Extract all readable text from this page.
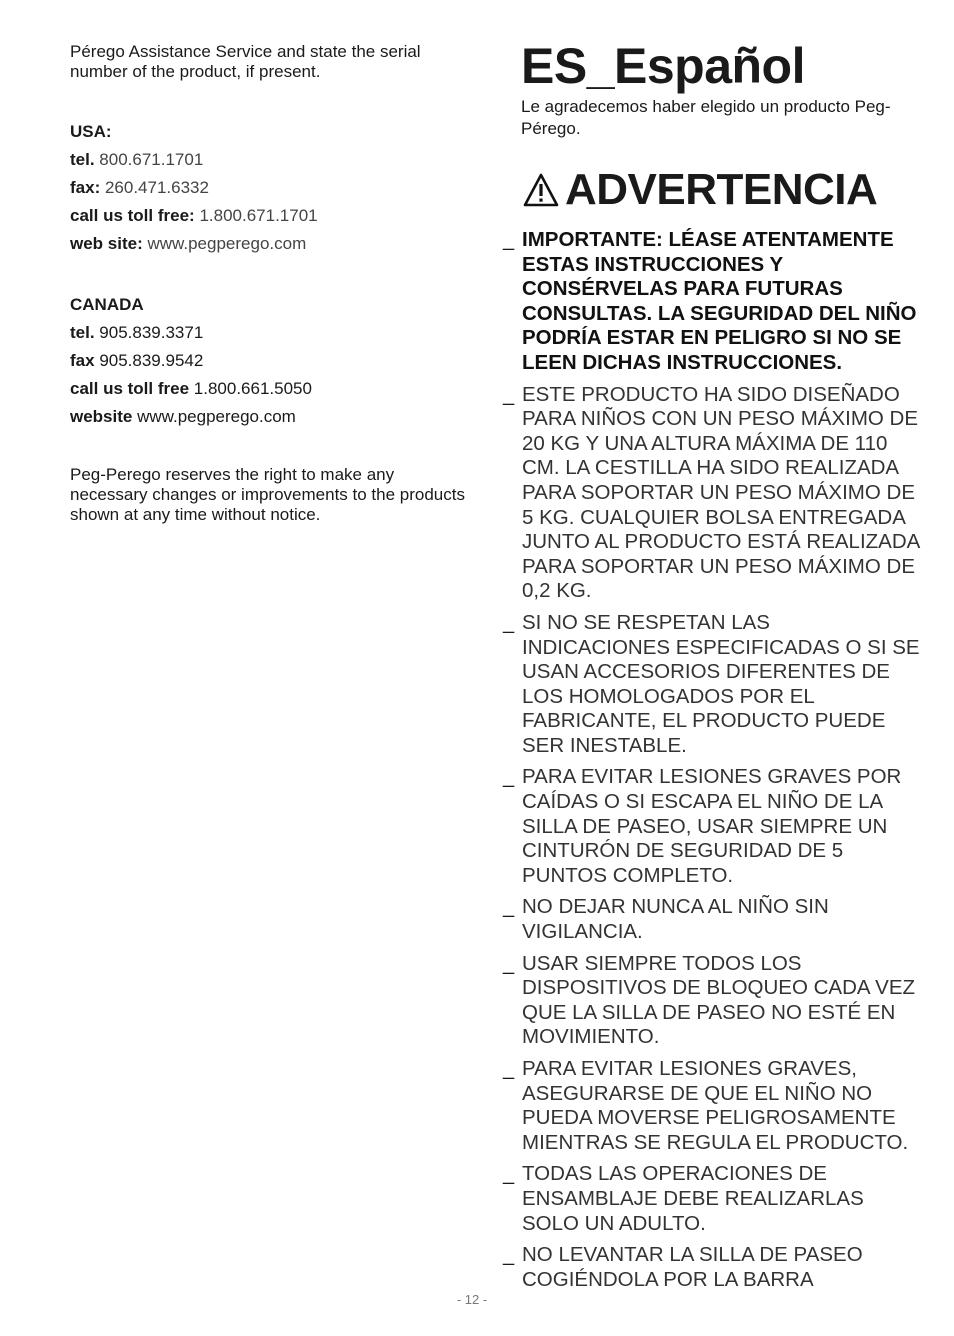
Pérego Assistance Service and state the serial number of the product, if present.

USA:

tel. 800.671.1701

fax: 260.471.6332

call us toll free: 1.800.671.1701

web site: www.pegperego.com

CANADA

tel. 905.839.3371

fax 905.839.9542

call us toll free 1.800.661.5050

website www.pegperego.com

Peg-Perego reserves the right to make any necessary changes or improvements to the products shown at any time without notice.

ES_Español

Le agradecemos haber elegido un producto Peg-Pérego.

ADVERTENCIA
_ IMPORTANTE: LÉASE ATENTAMENTE ESTAS INSTRUCCIONES Y CONSÉRVELAS PARA FUTURAS CONSULTAS. LA SEGURIDAD DEL NIÑO PODRÍA ESTAR EN PELIGRO SI NO SE LEEN DICHAS INSTRUCCIONES.
_ ESTE PRODUCTO HA SIDO DISEÑADO PARA NIÑOS CON UN PESO MÁXIMO DE 20 KG Y UNA ALTURA MÁXIMA DE 110 CM. LA CESTILLA HA SIDO REALIZADA PARA SOPORTAR UN PESO MÁXIMO DE 5 KG. CUALQUIER BOLSA ENTREGADA JUNTO AL PRODUCTO ESTÁ REALIZADA PARA SOPORTAR UN PESO MÁXIMO DE 0,2 KG.
_ SI NO SE RESPETAN LAS INDICACIONES ESPECIFICADAS O SI SE USAN ACCESORIOS DIFERENTES DE LOS HOMOLOGADOS POR EL FABRICANTE, EL PRODUCTO PUEDE SER INESTABLE.
_ PARA EVITAR LESIONES GRAVES POR CAÍDAS O SI ESCAPA EL NIÑO DE LA SILLA DE PASEO, USAR SIEMPRE UN CINTURÓN DE SEGURIDAD DE 5 PUNTOS COMPLETO.
_ NO DEJAR NUNCA AL NIÑO SIN VIGILANCIA.
_ USAR SIEMPRE TODOS LOS DISPOSITIVOS DE BLOQUEO CADA VEZ QUE LA SILLA DE PASEO NO ESTÉ EN MOVIMIENTO.
_ PARA EVITAR LESIONES GRAVES, ASEGURARSE DE QUE EL NIÑO NO PUEDA MOVERSE PELIGROSAMENTE MIENTRAS SE REGULA EL PRODUCTO.
_ TODAS LAS OPERACIONES DE ENSAMBLAJE DEBE REALIZARLAS SOLO UN ADULTO.
_ NO LEVANTAR LA SILLA DE PASEO COGIÉNDOLA POR LA BARRA
- 12 -
